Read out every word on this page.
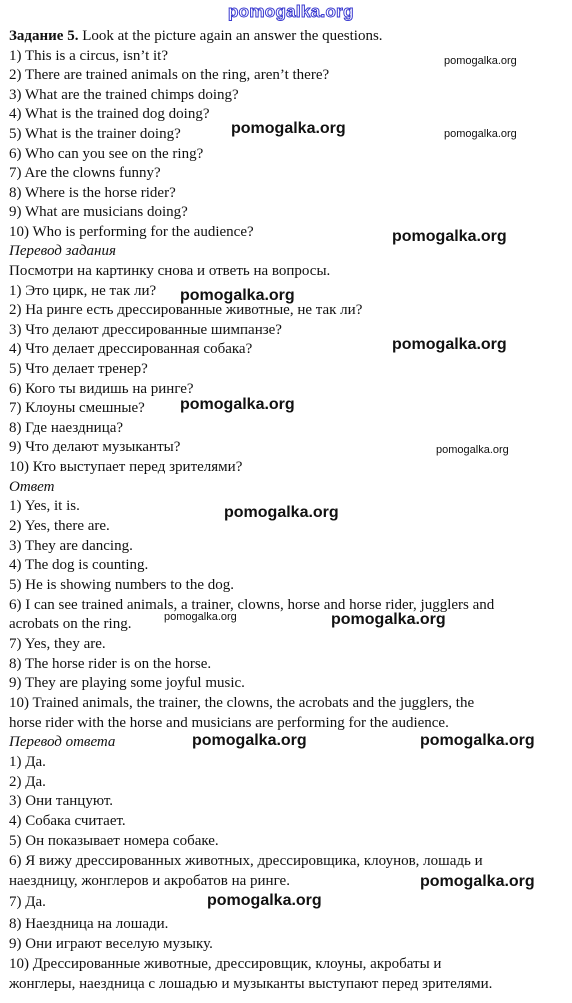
pomogalka.org
Задание 5. Look at the picture again an answer the questions.
1) This is a circus, isn’t it?
2) There are trained animals on the ring, aren’t there?
3) What are the trained chimps doing?
4) What is the trained dog doing?
5) What is the trainer doing?
6) Who can you see on the ring?
7) Are the clowns funny?
8) Where is the horse rider?
9) What are musicians doing?
10) Who is performing for the audience?
Перевод задания
Посмотри на картинку снова и ответь на вопросы.
1) Это цирк, не так ли?
2) На ринге есть дрессированные животные, не так ли?
3) Что делают дрессированные шимпанзе?
4) Что делает дрессированная собака?
5) Что делает тренер?
6) Кого ты видишь на ринге?
7) Клоуны смешные?
8) Где наездница?
9) Что делают музыканты?
10) Кто выступает перед зрителями?
Ответ
1) Yes, it is.
2) Yes, there are.
3) They are dancing.
4) The dog is counting.
5) He is showing numbers to the dog.
6) I can see trained animals, a trainer, clowns, horse and horse rider, jugglers and
acrobats on the ring.
7) Yes, they are.
8) The horse rider is on the horse.
9) They are playing some joyful music.
10) Trained animals, the trainer, the clowns, the acrobats and the jugglers, the
horse rider with the horse and musicians are performing for the audience.
Перевод ответа
1) Да.
2) Да.
3) Они танцуют.
4) Собака считает.
5) Он показывает номера собаке.
6) Я вижу дрессированных животных, дрессировщика, клоунов, лошадь и
наездницу, жонглеров и акробатов на ринге.
7) Да.
8) Наездница на лошади.
9) Они играют веселую музыку.
10) Дрессированные животные, дрессировщик, клоуны, акробаты и
жонглеры, наездница с лошадью и музыканты выступают перед зрителями.
pomogalka.org
pomogalka.org	pomogalka.org
pomogalka.org
pomogalka.org
pomogalka.org
pomogalka.org
pomogalka.org
pomogalka.org
pomogalka.org	pomogalka.org
pomogalka.org	pomogalka.org
pomogalka.org
pomogalka.org
